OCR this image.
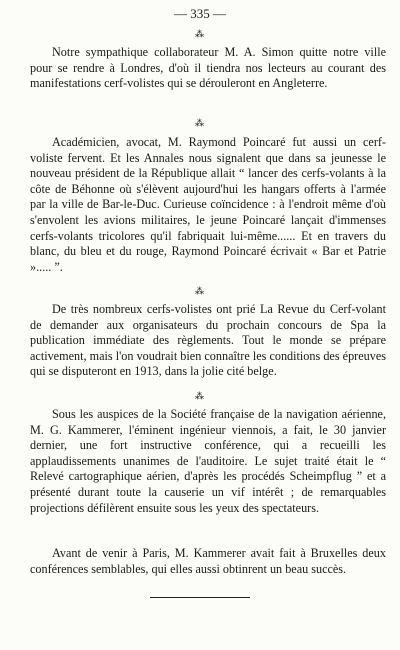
— 335 —
⁂

Notre sympathique collaborateur M. A. Simon quitte notre ville pour se rendre à Londres, d'où il tiendra nos lecteurs au courant des manifestations cerf-volistes qui se dérouleront en Angleterre.

⁂

Académicien, avocat, M. Raymond Poincaré fut aussi un cerf-voliste fervent. Et les Annales nous signalent que dans sa jeunesse le nouveau président de la République allait “ lancer des cerfs-volants à la côte de Béhonne où s'élèvent aujourd'hui les hangars offerts à l'armée par la ville de Bar-le-Duc. Curieuse coïncidence : à l'endroit même d'où s'envolent les avions militaires, le jeune Poincaré lançait d'immenses cerfs-volants tricolores qu'il fabriquait lui-même...... Et en travers du blanc, du bleu et du rouge, Raymond Poincaré écrivait « Bar et Patrie »..... ”.

⁂

De très nombreux cerfs-volistes ont prié La Revue du Cerf-volant de demander aux organisateurs du prochain concours de Spa la publication immédiate des règlements. Tout le monde se prépare activement, mais l'on voudrait bien connaître les conditions des épreuves qui se disputeront en 1913, dans la jolie cité belge.

⁂

Sous les auspices de la Société française de la navigation aérienne, M. G. Kammerer, l'éminent ingénieur viennois, a fait, le 30 janvier dernier, une fort instructive conférence, qui a recueilli les applaudissements unanimes de l'auditoire. Le sujet traité était le “ Relevé cartographique aérien, d'après les procédés Scheimpflug ” et a présenté durant toute la causerie un vif intérêt ; de remarquables projections défilèrent ensuite sous les yeux des spectateurs.

Avant de venir à Paris, M. Kammerer avait fait à Bruxelles deux conférences semblables, qui elles aussi obtinrent un beau succès.
